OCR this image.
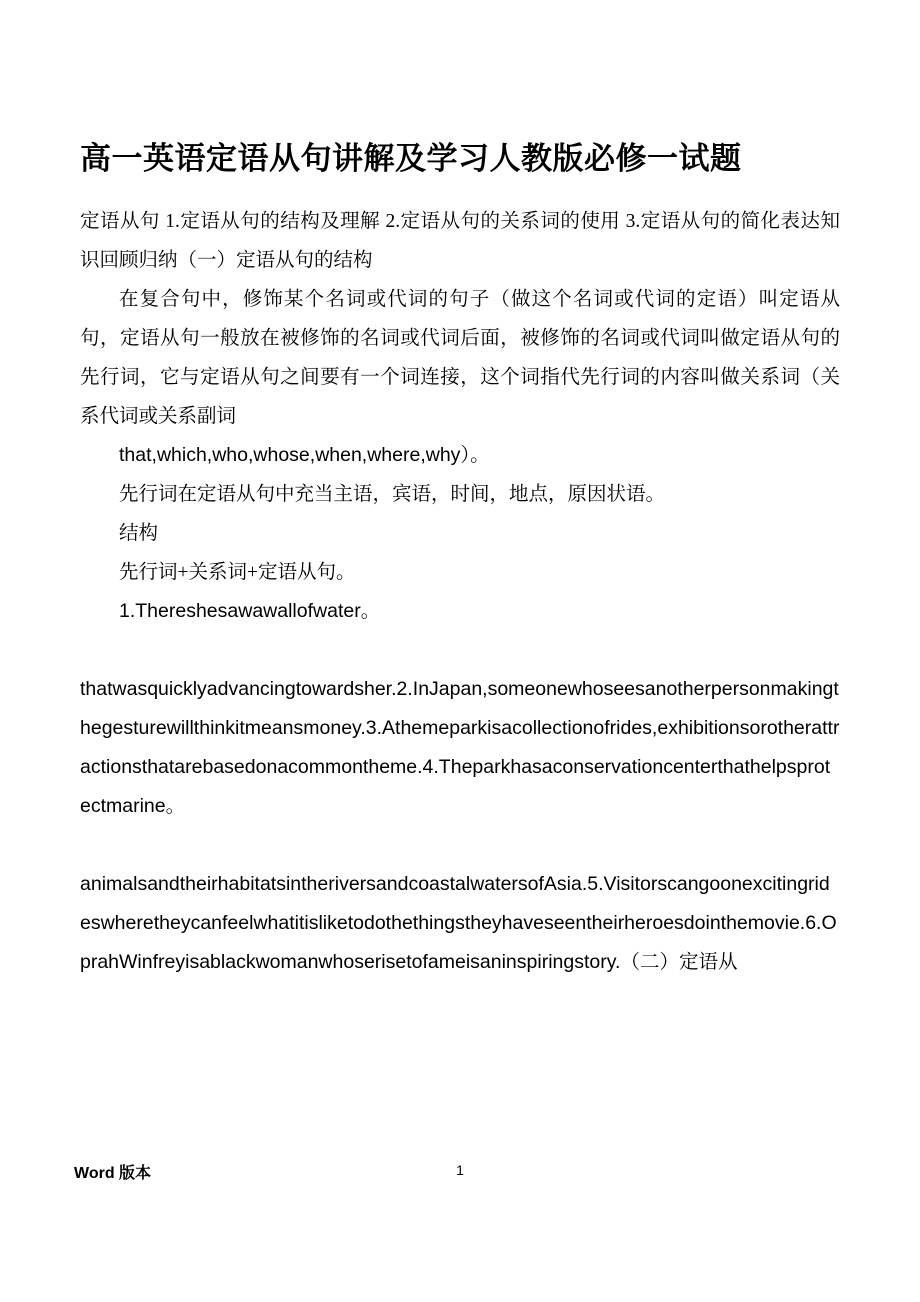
高一英语定语从句讲解及学习人教版必修一试题

定语从句 1.定语从句的结构及理解 2.定语从句的关系词的使用 3.定语从句的简化表达知识回顾归纳（一）定语从句的结构

在复合句中，修饰某个名词或代词的句子（做这个名词或代词的定语）叫定语从句，定语从句一般放在被修饰的名词或代词后面，被修饰的名词或代词叫做定语从句的先行词，它与定语从句之间要有一个词连接，这个词指代先行词的内容叫做关系词（关系代词或关系副词

that,which,who,whose,when,where,why）。

先行词在定语从句中充当主语，宾语，时间，地点，原因状语。

结构

先行词+关系词+定语从句。

1.Thereshesawawallofwater。

thatwasquicklyadvancingtowardsher.2.InJapan,someonewhoseesanotherpersonmakingthegesturewillthinkitmeansmoney.3.Athemeparkisacollectionofrides,exhibitionsorotherattractionsthatarebasedonacommontheme.4.Theparkhasaconservationcenterthathelpsprotectmarine。

animalsandtheirhabitatsintheriversandcoastalwatersofAsia.5.Visitorscangoonexcitingrideswheretheycanfeelwhatitisliketodothethingstheyhaveseentheirheroesdointhemovie.6.OprahWinfreyisablackwomanwhoserisetofameisaninspiringstory.（二）定语从

Word 版本	1
